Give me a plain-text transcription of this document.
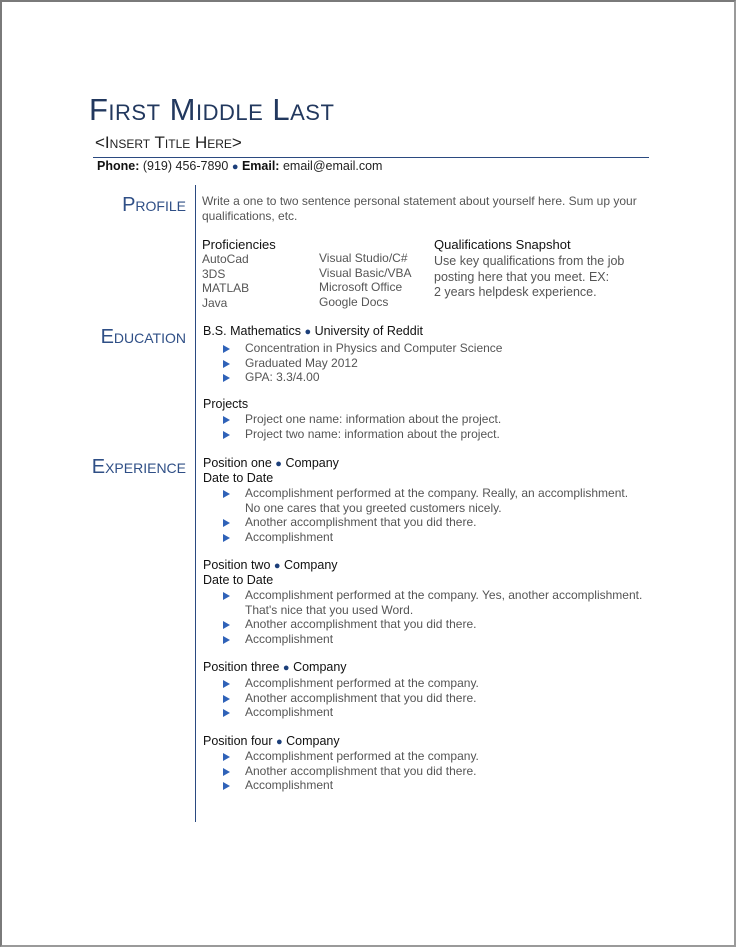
First Middle Last
<Insert Title Here>
Phone: (919) 456-7890 ● Email: email@email.com
Profile Write a one to two sentence personal statement about yourself here. Sum up your
qualifications, etc.
Proficiencies
AutoCad
3DS
MATLAB
Java
Visual Studio/C#
Visual Basic/VBA
Microsoft Office
Google Docs
Qualifications Snapshot
Use key qualifications from the job
posting here that you meet. EX:
2 years helpdesk experience.
Education B.S. Mathematics ● University of Reddit
Concentration in Physics and Computer Science
Graduated May 2012
GPA: 3.3/4.00
Projects
Project one name: information about the project.
Project two name: information about the project.
Experience Position one ● Company
Date to Date
Accomplishment performed at the company. Really, an accomplishment. No one cares that you greeted customers nicely.
Another accomplishment that you did there.
Accomplishment
Position two ● Company
Date to Date
Accomplishment performed at the company. Yes, another accomplishment. That's nice that you used Word.
Another accomplishment that you did there.
Accomplishment
Position three ● Company
Accomplishment performed at the company.
Another accomplishment that you did there.
Accomplishment
Position four ● Company
Accomplishment performed at the company.
Another accomplishment that you did there.
Accomplishment
